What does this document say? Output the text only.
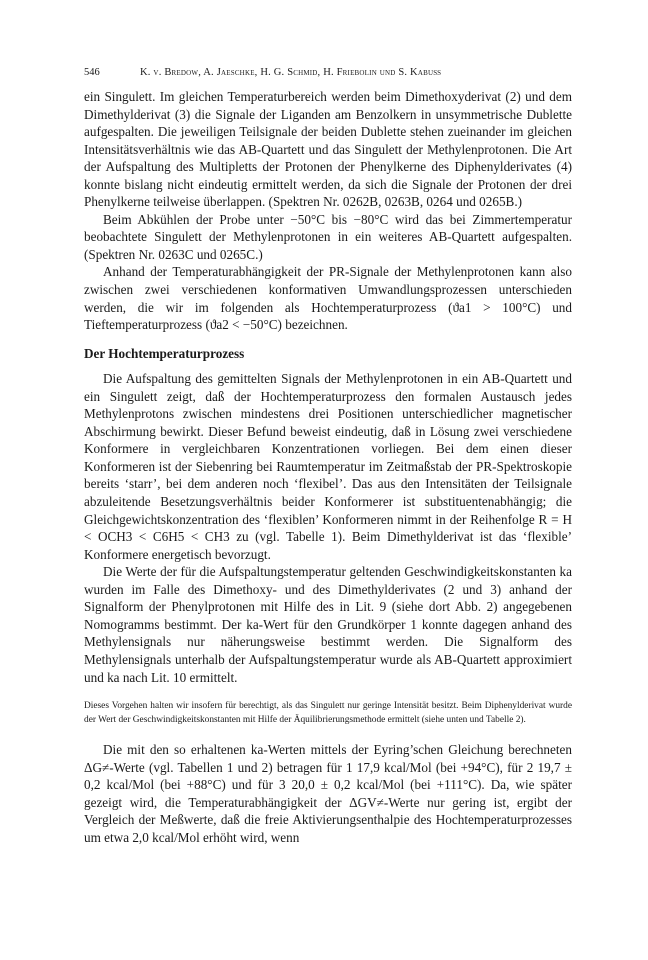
546	K. v. Bredow, A. Jaeschke, H. G. Schmid, H. Friebolin und S. Kabuß

ein Singulett. Im gleichen Temperaturbereich werden beim Dimethoxyderivat (2) und dem Dimethylderivat (3) die Signale der Liganden am Benzolkern in unsymmetrische Dublette aufgespalten. Die jeweiligen Teilsignale der beiden Dublette stehen zueinander im gleichen Intensitätsverhältnis wie das AB-Quartett und das Singulett der Methylenprotonen. Die Art der Aufspaltung des Multipletts der Protonen der Phenylkerne des Diphenylderivates (4) konnte bislang nicht eindeutig ermittelt werden, da sich die Signale der Protonen der drei Phenylkerne teilweise überlappen. (Spektren Nr. 0262B, 0263B, 0264 und 0265B.)

Beim Abkühlen der Probe unter −50°C bis −80°C wird das bei Zimmertemperatur beobachtete Singulett der Methylenprotonen in ein weiteres AB-Quartett aufgespalten. (Spektren Nr. 0263C und 0265C.)

Anhand der Temperaturabhängigkeit der PR-Signale der Methylenprotonen kann also zwischen zwei verschiedenen konformativen Umwandlungsprozessen unterschieden werden, die wir im folgenden als Hochtemperaturprozess (ϑa1 > 100°C) und Tieftemperaturprozess (ϑa2 < −50°C) bezeichnen.

Der Hochtemperaturprozess

Die Aufspaltung des gemittelten Signals der Methylenprotonen in ein AB-Quartett und ein Singulett zeigt, daß der Hochtemperaturprozess den formalen Austausch jedes Methylenprotons zwischen mindestens drei Positionen unterschiedlicher magnetischer Abschirmung bewirkt. Dieser Befund beweist eindeutig, daß in Lösung zwei verschiedene Konformere in vergleichbaren Konzentrationen vorliegen. Bei dem einen dieser Konformeren ist der Siebenring bei Raumtemperatur im Zeitmaßstab der PR-Spektroskopie bereits ‘starr’, bei dem anderen noch ‘flexibel’. Das aus den Intensitäten der Teilsignale abzuleitende Besetzungsverhältnis beider Konformerer ist substituentenabhängig; die Gleichgewichtskonzentration des ‘flexiblen’ Konformeren nimmt in der Reihenfolge R = H < OCH3 < C6H5 < CH3 zu (vgl. Tabelle 1). Beim Dimethylderivat ist das ‘flexible’ Konformere energetisch bevorzugt.

Die Werte der für die Aufspaltungstemperatur geltenden Geschwindigkeitskonstanten ka wurden im Falle des Dimethoxy- und des Dimethylderivates (2 und 3) anhand der Signalform der Phenylprotonen mit Hilfe des in Lit. 9 (siehe dort Abb. 2) angegebenen Nomogramms bestimmt. Der ka-Wert für den Grundkörper 1 konnte dagegen anhand des Methylensignals nur näherungsweise bestimmt werden. Die Signalform des Methylensignals unterhalb der Aufspaltungstemperatur wurde als AB-Quartett approximiert und ka nach Lit. 10 ermittelt.

Dieses Vorgehen halten wir insofern für berechtigt, als das Singulett nur geringe Intensität besitzt. Beim Diphenylderivat wurde der Wert der Geschwindigkeitskonstanten mit Hilfe der Äquilibrierungsmethode ermittelt (siehe unten und Tabelle 2).

Die mit den so erhaltenen ka-Werten mittels der Eyring’schen Gleichung berechneten ΔG≠-Werte (vgl. Tabellen 1 und 2) betragen für 1 17,9 kcal/Mol (bei +94°C), für 2 19,7 ± 0,2 kcal/Mol (bei +88°C) und für 3 20,0 ± 0,2 kcal/Mol (bei +111°C). Da, wie später gezeigt wird, die Temperaturabhängigkeit der ΔGV≠-Werte nur gering ist, ergibt der Vergleich der Meßwerte, daß die freie Aktivierungsenthalpie des Hochtemperaturprozesses um etwa 2,0 kcal/Mol erhöht wird, wenn
